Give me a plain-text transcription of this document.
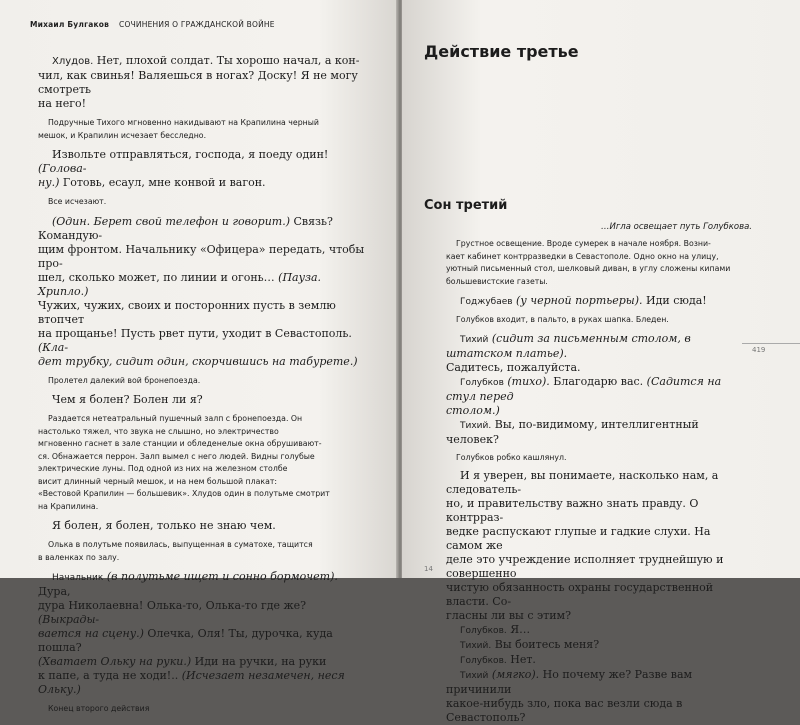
Михаил Булгаков СОЧИНЕНИЯ О ГРАЖДАНСКОЙ ВОЙНЕ

Хлудов. Нет, плохой солдат. Ты хорошо начал, а кон-

чил, как свинья! Валяешься в ногах? Доску! Я не могу смотреть

на него!

Подручные Тихого мгновенно накидывают на Крапилина черный

мешок, и Крапилин исчезает бесследно.

Извольте отправляться, господа, я поеду один! (Голова-

ну.) Готовь, есаул, мне конвой и вагон.

Все исчезают.

(Один. Берет свой телефон и говорит.) Связь? Командую-

щим фронтом. Начальнику «Офицера» передать, чтобы про-

шел, сколько может, по линии и огонь… (Пауза. Хрипло.)

Чужих, чужих, своих и посторонних пусть в землю втопчет

на прощанье! Пусть рвет пути, уходит в Севастополь. (Кла-

дет трубку, сидит один, скорчившись на табурете.)

Пролетел далекий вой бронепоезда.

Чем я болен? Болен ли я?

Раздается нетеатральный пушечный залп с бронепоезда. Он

настолько тяжел, что звука не слышно, но электричество

мгновенно гаснет в зале станции и обледенелые окна обрушивают-

ся. Обнажается перрон. Залп вымел с него людей. Видны голубые

электрические луны. Под одной из них на железном столбе

висит длинный черный мешок, и на нем большой плакат:

«Вестовой Крапилин — большевик». Хлудов один в полутьме смотрит

на Крапилина.

Я болен, я болен, только не знаю чем.

Олька в полутьме появилась, выпущенная в суматохе, тащится

в валенках по залу.

Начальник (в полутьме ищет и сонно бормочет). Дура,

дура Николаевна! Олька-то, Олька-то где же? (Выкрады-

вается на сцену.) Олечка, Оля! Ты, дурочка, куда пошла?

(Хватает Ольку на руки.) Иди на ручки, на руки

к папе, а туда не ходи!.. (Исчезает незамечен, неся Ольку.)

Конец второго действия

Действие третье

Сон третий

…Игла освещает путь Голубкова.

Грустное освещение. Вроде сумерек в начале ноября. Возни-

кает кабинет контрразведки в Севастополе. Одно окно на улицу,

уютный письменный стол, шелковый диван, в углу сложены кипами

большевистские газеты.

Годжубаев (у черной портьеры). Иди сюда!

Голубков входит, в пальто, в руках шапка. Бледен.

Тихий (сидит за письменным столом, в штатском платье).

Садитесь, пожалуйста.

Голубков (тихо). Благодарю вас. (Садится на стул перед

столом.)

Тихий. Вы, по-видимому, интеллигентный человек?

Голубков робко кашлянул.

И я уверен, вы понимаете, насколько нам, а следователь-

но, и правительству важно знать правду. О контрраз-

ведке распускают глупые и гадкие слухи. На самом же

деле это учреждение исполняет труднейшую и совершенно

чистую обязанность охраны государственной власти. Со-

гласны ли вы с этим?

Голубков. Я…

Тихий. Вы боитесь меня?

Голубков. Нет.

Тихий (мягко). Но почему же? Разве вам причинили

какое-нибудь зло, пока вас везли сюда в Севастополь?

419
14
